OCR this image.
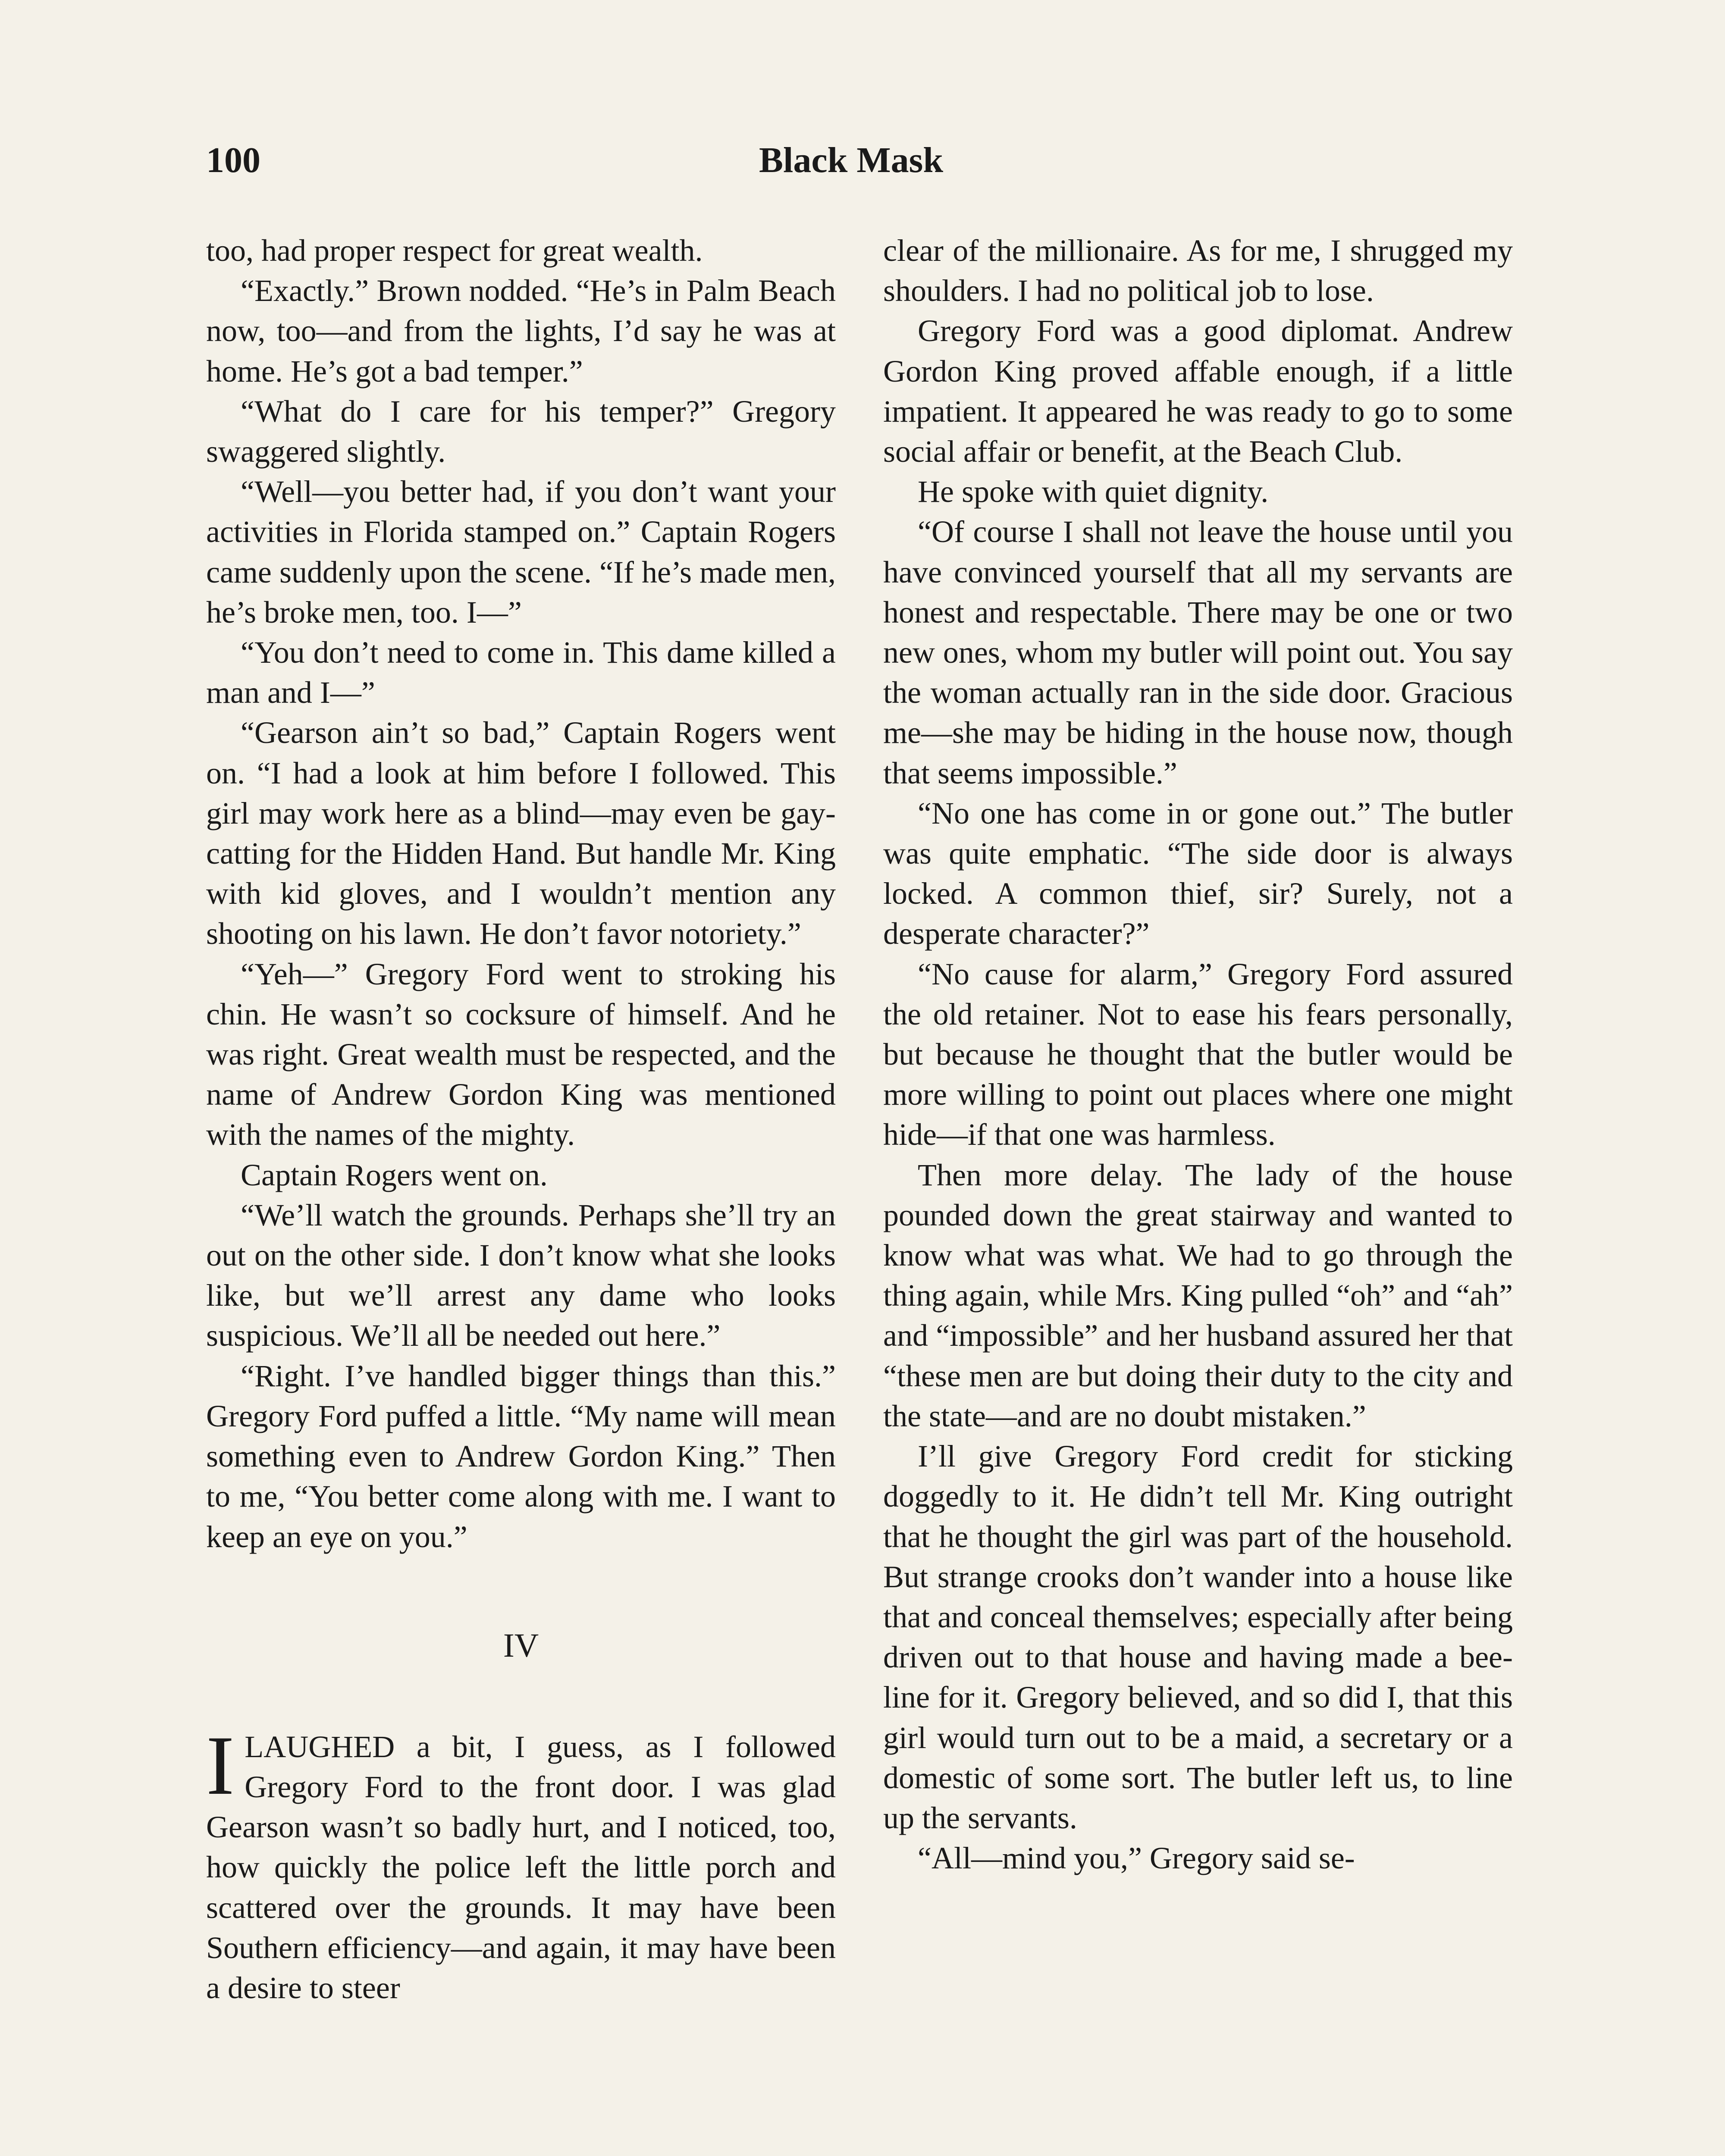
100	Black Mask

too, had proper respect for great wealth.

“Exactly.” Brown nodded. “He’s in Palm Beach now, too—and from the lights, I’d say he was at home. He’s got a bad temper.”

“What do I care for his temper?” Gregory swaggered slightly.

“Well—you better had, if you don’t want your activities in Florida stamped on.” Captain Rogers came suddenly upon the scene. “If he’s made men, he’s broke men, too. I—”

“You don’t need to come in. This dame killed a man and I—”

“Gearson ain’t so bad,” Captain Rogers went on. “I had a look at him before I followed. This girl may work here as a blind—may even be gay-catting for the Hidden Hand. But handle Mr. King with kid gloves, and I wouldn’t mention any shooting on his lawn. He don’t favor notoriety.”

“Yeh—” Gregory Ford went to stroking his chin. He wasn’t so cocksure of himself. And he was right. Great wealth must be respected, and the name of Andrew Gordon King was mentioned with the names of the mighty.

Captain Rogers went on.

“We’ll watch the grounds. Perhaps she’ll try an out on the other side. I don’t know what she looks like, but we’ll arrest any dame who looks suspicious. We’ll all be needed out here.”

“Right. I’ve handled bigger things than this.” Gregory Ford puffed a little. “My name will mean something even to Andrew Gordon King.” Then to me, “You better come along with me. I want to keep an eye on you.”

IV

ILAUGHED a bit, I guess, as I followed Gregory Ford to the front door. I was glad Gearson wasn’t so badly hurt, and I noticed, too, how quickly the police left the little porch and scattered over the grounds. It may have been Southern efficiency—and again, it may have been a desire to steer

clear of the millionaire. As for me, I shrugged my shoulders. I had no political job to lose.

Gregory Ford was a good diplomat. Andrew Gordon King proved affable enough, if a little impatient. It appeared he was ready to go to some social affair or benefit, at the Beach Club.

He spoke with quiet dignity.

“Of course I shall not leave the house until you have convinced yourself that all my servants are honest and respectable. There may be one or two new ones, whom my butler will point out. You say the woman actually ran in the side door. Gracious me—she may be hiding in the house now, though that seems impossible.”

“No one has come in or gone out.” The butler was quite emphatic. “The side door is always locked. A common thief, sir? Surely, not a desperate character?”

“No cause for alarm,” Gregory Ford assured the old retainer. Not to ease his fears personally, but because he thought that the butler would be more willing to point out places where one might hide—if that one was harmless.

Then more delay. The lady of the house pounded down the great stairway and wanted to know what was what. We had to go through the thing again, while Mrs. King pulled “oh” and “ah” and “impossible” and her husband assured her that “these men are but doing their duty to the city and the state—and are no doubt mistaken.”

I’ll give Gregory Ford credit for sticking doggedly to it. He didn’t tell Mr. King outright that he thought the girl was part of the household. But strange crooks don’t wander into a house like that and conceal themselves; especially after being driven out to that house and having made a bee-line for it. Gregory believed, and so did I, that this girl would turn out to be a maid, a secretary or a domestic of some sort. The butler left us, to line up the servants.

“All—mind you,” Gregory said se-
